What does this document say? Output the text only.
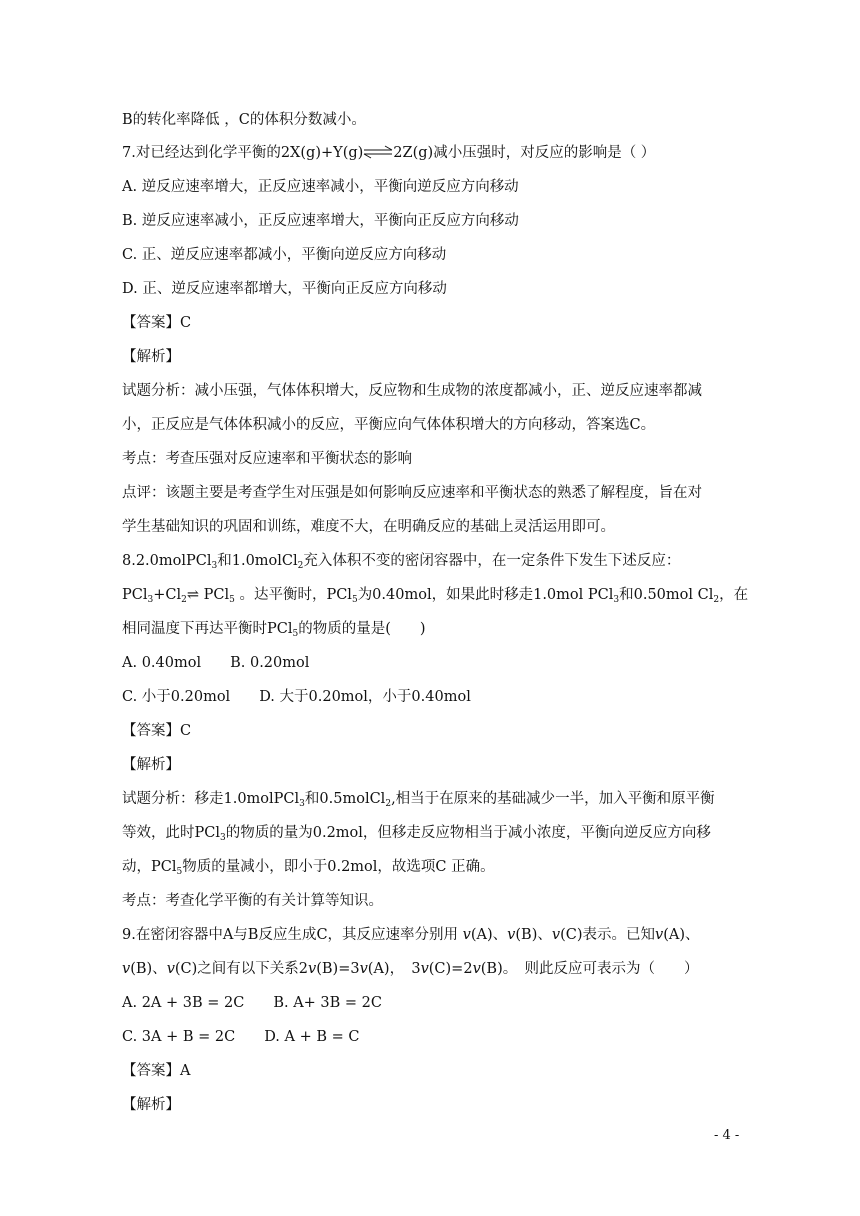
B的转化率降低 ，C的体积分数减小。
7.对已经达到化学平衡的2X(g)+Y(g)⇌2Z(g)减小压强时，对反应的影响是（ ）
A. 逆反应速率增大，正反应速率减小，平衡向逆反应方向移动
B. 逆反应速率减小，正反应速率增大，平衡向正反应方向移动
C. 正、逆反应速率都减小，平衡向逆反应方向移动
D. 正、逆反应速率都增大，平衡向正反应方向移动
【答案】C
【解析】
试题分析：减小压强，气体体积增大，反应物和生成物的浓度都减小，正、逆反应速率都减
小，正反应是气体体积减小的反应，平衡应向气体体积增大的方向移动，答案选C。
考点：考查压强对反应速率和平衡状态的影响
点评：该题主要是考查学生对压强是如何影响反应速率和平衡状态的熟悉了解程度，旨在对
学生基础知识的巩固和训练，难度不大，在明确反应的基础上灵活运用即可。
8.2.0molPCl$_3$和1.0molCl$_2$充入体积不变的密闭容器中，在一定条件下发生下述反应：
$PCl_3+Cl_2\rightleftharpoons$ PCl$_5$ 。达平衡时，PCl$_5$为0.40mol，如果此时移走1.0mol PCl$_3$和0.50mol $Cl_2$，在
相同温度下再达平衡时PCl$_5$的物质的量是(　　)
A. 0.40mol　　B. 0.20mol
C. 小于0.20mol　　D. 大于0.20mol，小于0.40mol
【答案】C
【解析】
试题分析：移走1.0molPCl$_3$和0.5molCl$_2$,相当于在原来的基础减少一半，加入平衡和原平衡
等效，此时PCl$_3$的物质的量为0.2mol，但移走反应物相当于减小浓度，平衡向逆反应方向移
动，PCl$_5$物质的量减小，即小于0.2mol，故选项C 正确。
考点：考查化学平衡的有关计算等知识。
9.在密闭容器中A与B反应生成C，其反应速率分别用 v(A)、v(B)、v(C)表示。已知v(A)、
v(B)、v(C)之间有以下关系2v(B)=3v(A)，　3v(C)=2v(B)。　则此反应可表示为（　　）
A. 2A + 3B = 2C　　B. A+ 3B = 2C
C. 3A + B = 2C　　D. A + B = C
【答案】A
【解析】
- 4 -
